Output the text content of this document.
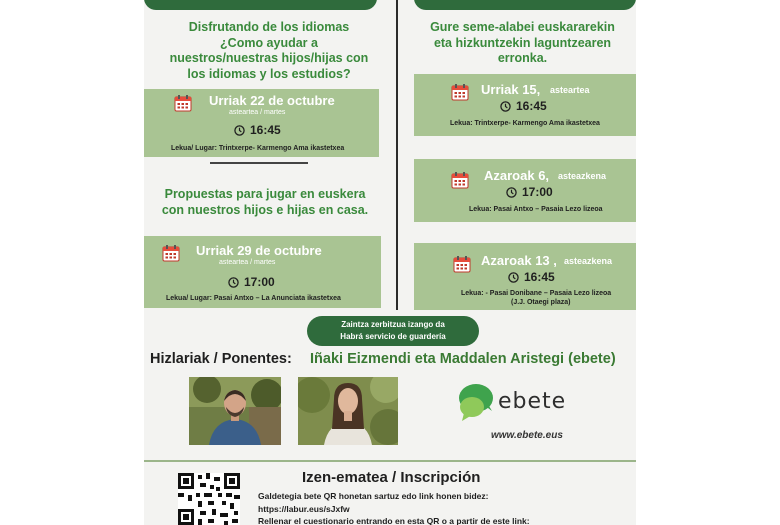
Disfrutando de los idiomas ¿Como ayudar a nuestros/nuestras hijos/hijas con los idiomas y los estudios?
Urriak 22 de octubre
astearteа / martes
16:45
Lekua/ Lugar: Trintxerpe- Karmengo Ama ikastetxea
Propuestas para jugar en euskera con nuestros hijos e hijas en casa.
Urriak 29 de octubre
asteartea / martes
17:00
Lekua/ Lugar: Pasai Antxo – La Anunciata ikastetxea
Gure seme-alabei euskararekin eta hizkuntzekin laguntzearen erronka.
Urriak 15, asteartea
16:45
Lekua: Trintxerpe- Karmengo Ama ikastetxea
Azaroak 6, asteazkena
17:00
Lekua: Pasai Antxo – Pasaia Lezo lizeoa
Azaroak 13 , asteazkena
16:45
Lekua: - Pasai Donibane – Pasaia Lezo lizeoa
(J.J. Otaegi plaza)
Zaintza zerbitzua izango da
Habrá servicio de guardería
Hizlariak / Ponentes: Iñaki Eizmendi eta Maddalen Aristegi (ebete)
ebete
www.ebete.eus
Izen-ematea / Inscripción
Galdetegia bete QR honetan sartuz edo link honen bidez:
https://labur.eus/sJxfw
Rellenar el cuestionario entrando en esta QR o a partir de este link:
